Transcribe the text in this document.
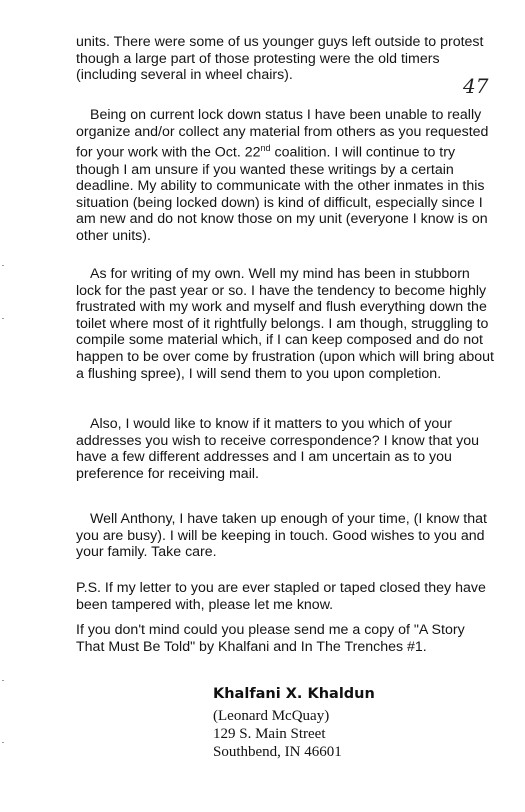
units. There were some of us younger guys left outside to protest though a large part of those protesting were the old timers (including several in wheel chairs).	47

Being on current lock down status I have been unable to really organize and/or collect any material from others as you requested for your work with the Oct. 22nd coalition. I will continue to try though I am unsure if you wanted these writings by a certain deadline. My ability to communicate with the other inmates in this situation (being locked down) is kind of difficult, especially since I am new and do not know those on my unit (everyone I know is on other units).

As for writing of my own. Well my mind has been in stubborn lock for the past year or so. I have the tendency to become highly frustrated with my work and myself and flush everything down the toilet where most of it rightfully belongs. I am though, struggling to compile some material which, if I can keep composed and do not happen to be over come by frustration (upon which will bring about a flushing spree), I will send them to you upon completion.

Also, I would like to know if it matters to you which of your addresses you wish to receive correspondence? I know that you have a few different addresses and I am uncertain as to you preference for receiving mail.

Well Anthony, I have taken up enough of your time, (I know that you are busy). I will be keeping in touch. Good wishes to you and your family. Take care.

P.S. If my letter to you are ever stapled or taped closed they have been tampered with, please let me know.

If you don't mind could you please send me a copy of "A Story That Must Be Told" by Khalfani and In The Trenches #1.

Khalfani X. Khaldun
(Leonard McQuay)
129 S. Main Street
Southbend, IN 46601
